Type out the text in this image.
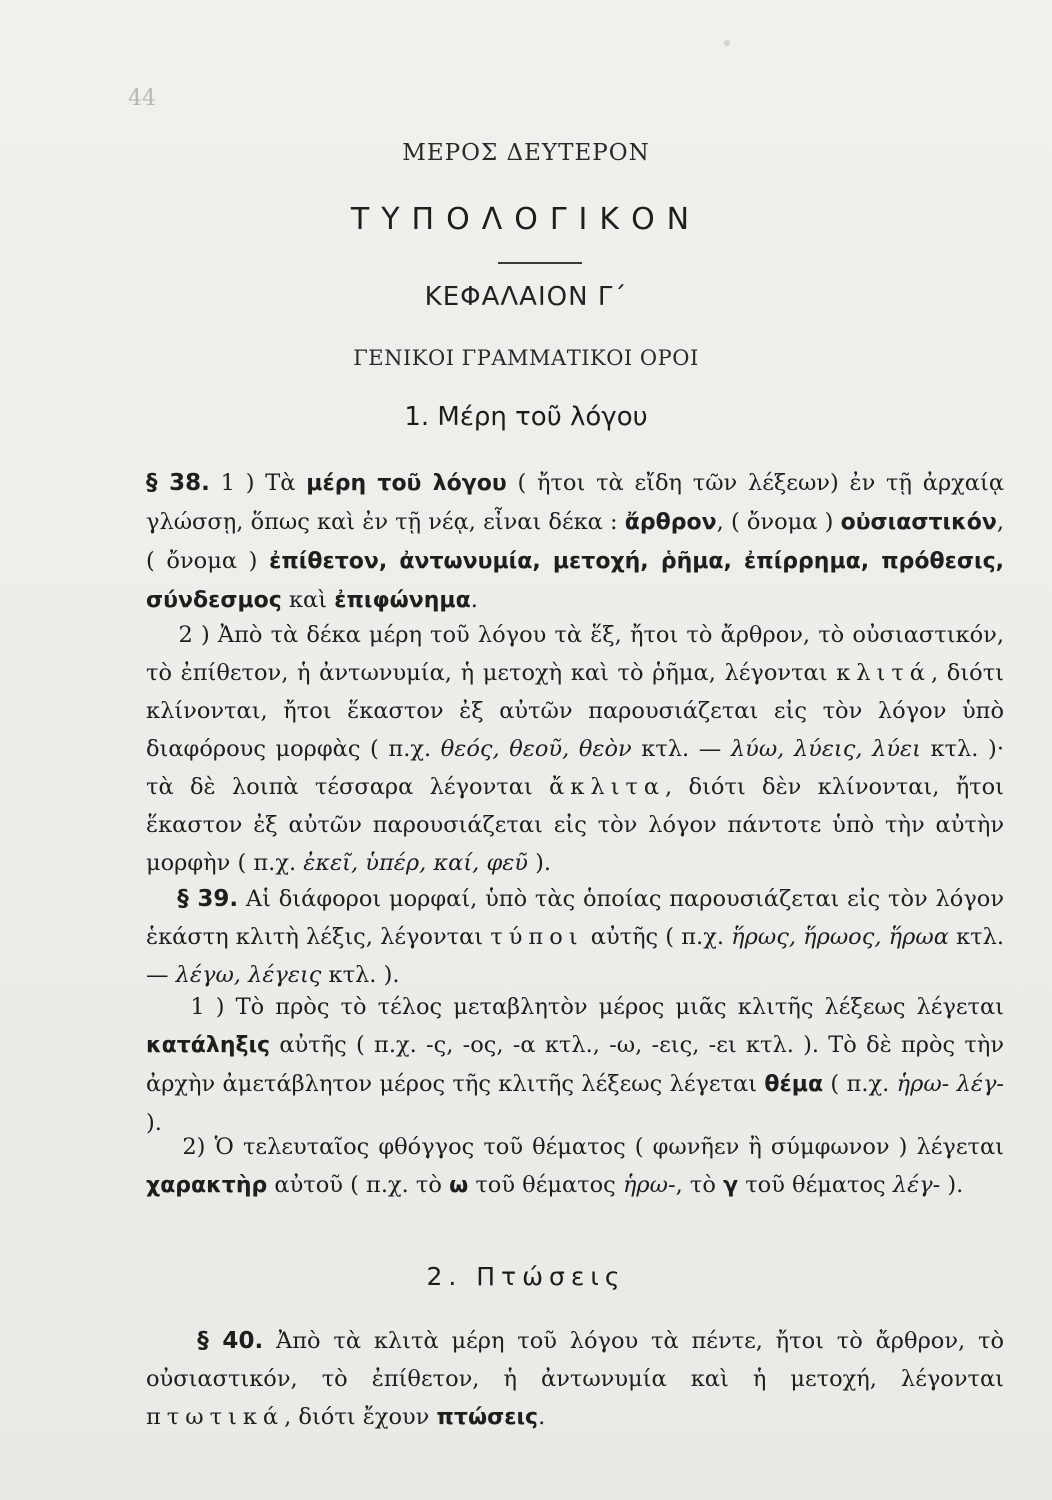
44
ΜΕΡΟΣ ΔΕΥΤΕΡΟΝ
ΤΥΠΟΛΟΓΙΚΟΝ
ΚΕΦΑΛΑΙΟΝ Γ΄
ΓΕΝΙΚΟΙ ΓΡΑΜΜΑΤΙΚΟΙ ΟΡΟΙ
1. Μέρη τοῦ λόγου

§ 38. 1 ) Τὰ μέρη τοῦ λόγου ( ἤτοι τὰ εἴδη τῶν λέξεων) ἐν τῇ ἀρχαίᾳ γλώσσῃ, ὅπως καὶ ἐν τῇ νέᾳ, εἶναι δέκα : ἄρθρον, ( ὄνομα ) οὐσιαστικόν, ( ὄνομα ) ἐπίθετον, ἀντωνυμία, μετοχή, ῥῆμα, ἐπίρρημα, πρόθεσις, σύνδεσμος καὶ ἐπιφώνημα.

2 ) Ἀπὸ τὰ δέκα μέρη τοῦ λόγου τὰ ἕξ, ἤτοι τὸ ἄρθρον, τὸ οὐσιαστικόν, τὸ ἐπίθετον, ἡ ἀντωνυμία, ἡ μετοχὴ καὶ τὸ ῥῆμα, λέγονται κλιτά, διότι κλίνονται, ἤτοι ἕκαστον ἐξ αὐτῶν παρουσιάζεται εἰς τὸν λόγον ὑπὸ διαφόρους μορφὰς ( π.χ. θεός, θεοῦ, θεὸν κτλ. — λύω, λύεις, λύει κτλ. )· τὰ δὲ λοιπὰ τέσσαρα λέγονται ἄκλιτα, διότι δὲν κλίνονται, ἤτοι ἕκαστον ἐξ αὐτῶν παρουσιάζεται εἰς τὸν λόγον πάντοτε ὑπὸ τὴν αὐτὴν μορφὴν ( π.χ. ἐκεῖ, ὑπέρ, καί, φεῦ ).

§ 39. Αἱ διάφοροι μορφαί, ὑπὸ τὰς ὁποίας παρουσιάζεται εἰς τὸν λόγον ἑκάστη κλιτὴ λέξις, λέγονται τύποι αὐτῆς ( π.χ. ἥρως, ἥρωος, ἥρωα κτλ. — λέγω, λέγεις κτλ. ).

1 ) Τὸ πρὸς τὸ τέλος μεταβλητὸν μέρος μιᾶς κλιτῆς λέξεως λέγεται κατάληξις αὐτῆς ( π.χ. -ς, -ος, -α κτλ., -ω, -εις, -ει κτλ. ). Τὸ δὲ πρὸς τὴν ἀρχὴν ἀμετάβλητον μέρος τῆς κλιτῆς λέξεως λέγεται θέμα ( π.χ. ἡρω- λέγ- ).

2) Ὁ τελευταῖος φθόγγος τοῦ θέματος ( φωνῆεν ἢ σύμφωνον ) λέγεται χαρακτὴρ αὐτοῦ ( π.χ. τὸ ω τοῦ θέματος ἡρω-, τὸ γ τοῦ θέματος λέγ- ).

2. Πτώσεις

§ 40. Ἀπὸ τὰ κλιτὰ μέρη τοῦ λόγου τὰ πέντε, ἤτοι τὸ ἄρθρον, τὸ οὐσιαστικόν, τὸ ἐπίθετον, ἡ ἀντωνυμία καὶ ἡ μετοχή, λέγονται πτωτικά, διότι ἔχουν πτώσεις.
